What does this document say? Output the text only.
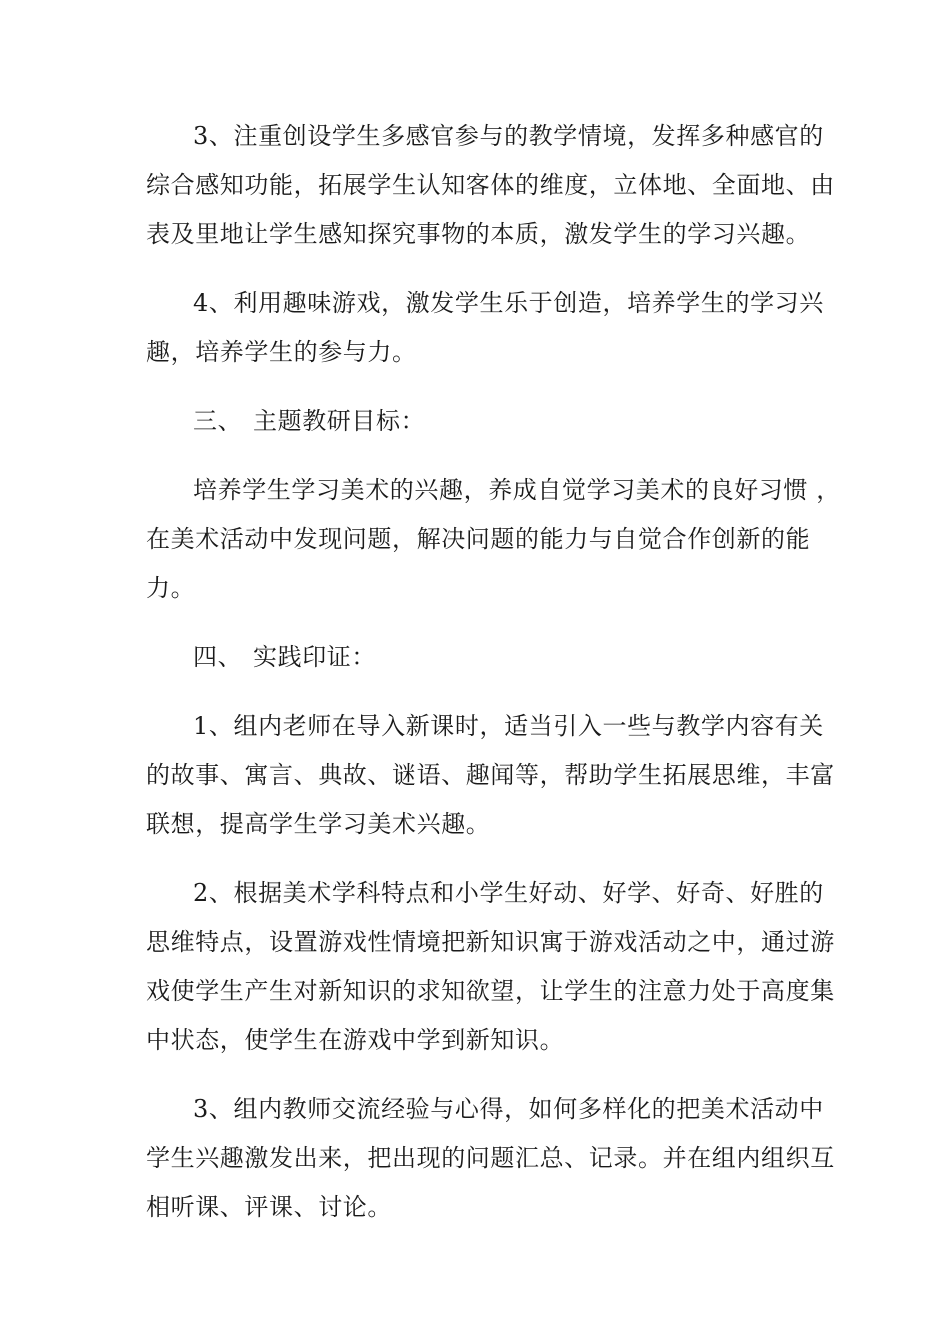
3、注重创设学生多感官参与的教学情境，发挥多种感官的
综合感知功能，拓展学生认知客体的维度，立体地、全面地、由
表及里地让学生感知探究事物的本质，激发学生的学习兴趣。
4、利用趣味游戏，激发学生乐于创造，培养学生的学习兴
趣，培养学生的参与力。
三、 主题教研目标：
培养学生学习美术的兴趣，养成自觉学习美术的良好习惯 ，
在美术活动中发现问题，解决问题的能力与自觉合作创新的能
力。
四、 实践印证：
1、组内老师在导入新课时，适当引入一些与教学内容有关
的故事、寓言、典故、谜语、趣闻等，帮助学生拓展思维，丰富
联想，提高学生学习美术兴趣。
2、根据美术学科特点和小学生好动、好学、好奇、好胜的
思维特点，设置游戏性情境把新知识寓于游戏活动之中，通过游
戏使学生产生对新知识的求知欲望，让学生的注意力处于高度集
中状态，使学生在游戏中学到新知识。
3、组内教师交流经验与心得，如何多样化的把美术活动中
学生兴趣激发出来，把出现的问题汇总、记录。并在组内组织互
相听课、评课、讨论。
